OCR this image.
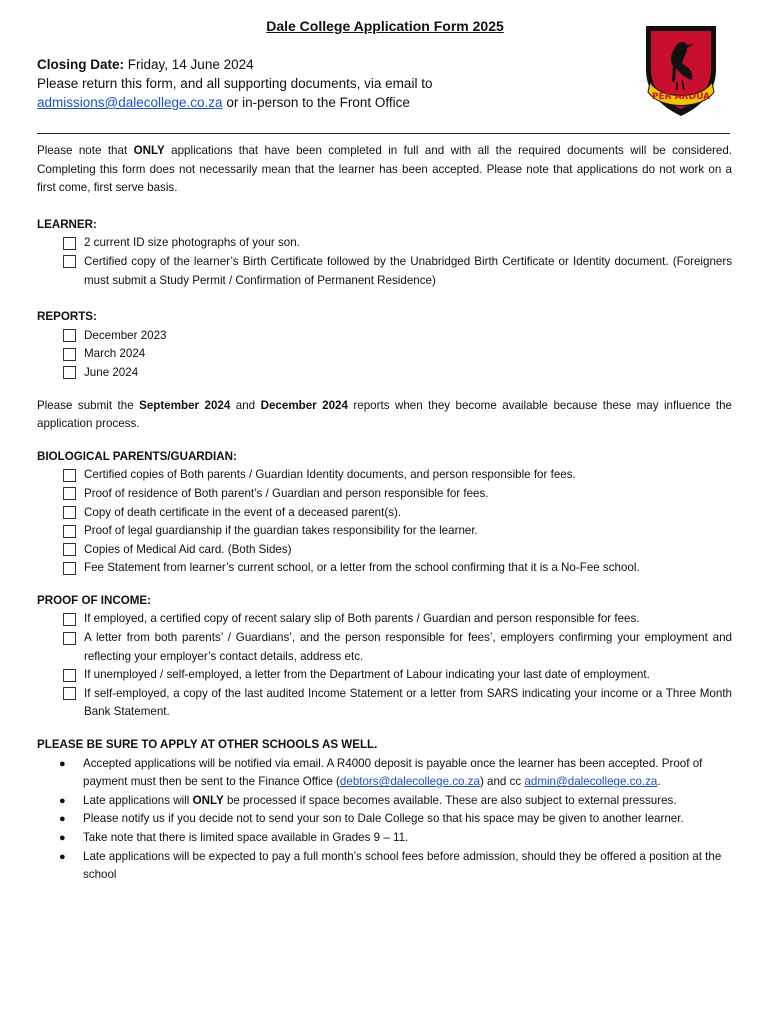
Dale College Application Form 2025
PER ARDUA
Closing Date: Friday, 14 June 2024
Please return this form, and all supporting documents, via email to
admissions@dalecollege.co.za or in-person to the Front Office

Please note that ONLY applications that have been completed in full and with all the required documents will be considered. Completing this form does not necessarily mean that the learner has been accepted. Please note that applications do not work on a first come, first serve basis.

LEARNER:

2 current ID size photographs of your son.
Certified copy of the learner’s Birth Certificate followed by the Unabridged Birth Certificate or Identity document. (Foreigners must submit a Study Permit / Confirmation of Permanent Residence)

REPORTS:

December 2023
March 2024
June 2024

Please submit the September 2024 and December 2024 reports when they become available because these may influence the application process.

BIOLOGICAL PARENTS/GUARDIAN:

Certified copies of Both parents / Guardian Identity documents, and person responsible for fees.
Proof of residence of Both parent’s / Guardian and person responsible for fees.
Copy of death certificate in the event of a deceased parent(s).
Proof of legal guardianship if the guardian takes responsibility for the learner.
Copies of Medical Aid card. (Both Sides)
Fee Statement from learner’s current school, or a letter from the school confirming that it is a No-Fee school.

PROOF OF INCOME:

If employed, a certified copy of recent salary slip of Both parents / Guardian and person responsible for fees.
A letter from both parents’ / Guardians’, and the person responsible for fees’, employers confirming your employment and reflecting your employer’s contact details, address etc.
If unemployed / self-employed, a letter from the Department of Labour indicating your last date of employment.
If self-employed, a copy of the last audited Income Statement or a letter from SARS indicating your income or a Three Month Bank Statement.

PLEASE BE SURE TO APPLY AT OTHER SCHOOLS AS WELL.

●	Accepted applications will be notified via email. A R4000 deposit is payable once the learner has been accepted. Proof of payment must then be sent to the Finance Office (debtors@dalecollege.co.za) and cc admin@dalecollege.co.za.
●	Late applications will ONLY be processed if space becomes available. These are also subject to external pressures.
●	Please notify us if you decide not to send your son to Dale College so that his space may be given to another learner.
●	Take note that there is limited space available in Grades 9 – 11.
●	Late applications will be expected to pay a full month’s school fees before admission, should they be offered a position at the school
